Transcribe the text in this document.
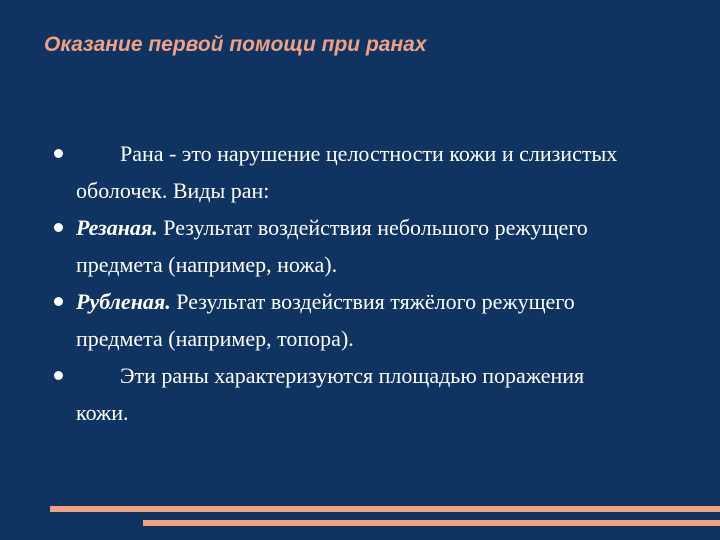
Оказание первой помощи при ранах
Рана - это нарушение целостности кожи и слизистых оболочек. Виды ран:
Резаная. Результат воздействия небольшого режущего предмета (например, ножа).
Рубленая. Результат воздействия тяжёлого режущего предмета (например, топора).
Эти раны характеризуются площадью поражения кожи.
